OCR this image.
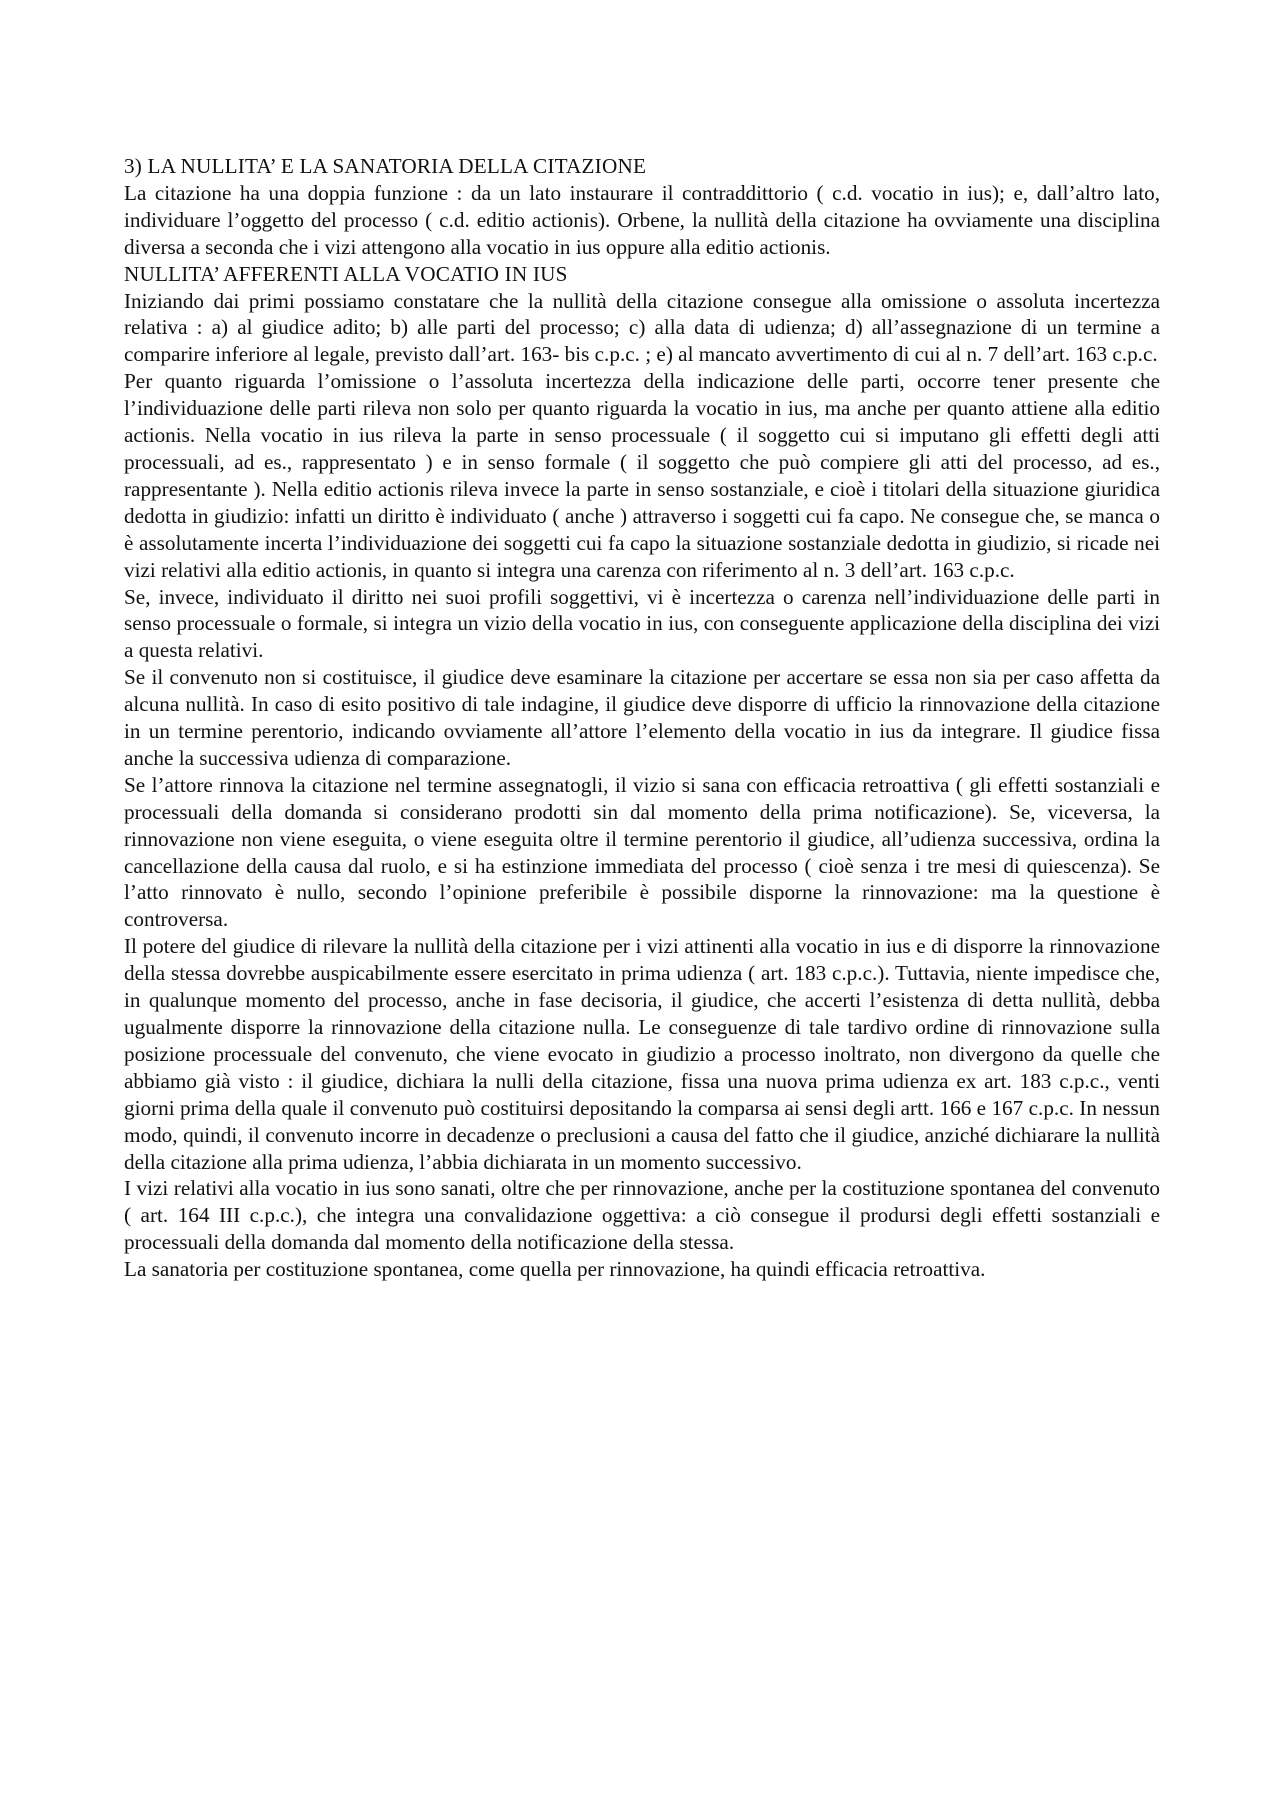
3) LA NULLITA’ E LA SANATORIA DELLA CITAZIONE

La citazione ha una doppia funzione : da un lato instaurare il contraddittorio ( c.d. vocatio in ius); e, dall’altro lato, individuare l’oggetto del processo ( c.d. editio actionis). Orbene, la nullità della citazione ha ovviamente una disciplina diversa a seconda che i vizi attengono alla vocatio in ius oppure alla editio actionis.

NULLITA’ AFFERENTI ALLA VOCATIO IN IUS

Iniziando dai primi possiamo constatare che la nullità della citazione consegue alla omissione o assoluta incertezza relativa : a) al giudice adito; b) alle parti del processo; c) alla data di udienza; d) all’assegnazione di un termine a comparire inferiore al legale, previsto dall’art. 163- bis c.p.c. ; e) al mancato avvertimento di cui al n. 7 dell’art. 163 c.p.c.

Per quanto riguarda l’omissione o l’assoluta incertezza della indicazione delle parti, occorre tener presente che l’individuazione delle parti rileva non solo per quanto riguarda la vocatio in ius, ma anche per quanto attiene alla editio actionis. Nella vocatio in ius rileva la parte in senso processuale ( il soggetto cui si imputano gli effetti degli atti processuali, ad es., rappresentato ) e in senso formale ( il soggetto che può compiere gli atti del processo, ad es., rappresentante ). Nella editio actionis rileva invece la parte in senso sostanziale, e cioè i titolari della situazione giuridica dedotta in giudizio: infatti un diritto è individuato ( anche ) attraverso i soggetti cui fa capo. Ne consegue che, se manca o è assolutamente incerta l’individuazione dei soggetti cui fa capo la situazione sostanziale dedotta in giudizio, si ricade nei vizi relativi alla editio actionis, in quanto si integra una carenza con riferimento al n. 3 dell’art. 163 c.p.c.

Se, invece, individuato il diritto nei suoi profili soggettivi, vi è incertezza o carenza nell’individuazione delle parti in senso processuale o formale, si integra un vizio della vocatio in ius, con conseguente applicazione della disciplina dei vizi a questa relativi.

Se il convenuto non si costituisce, il giudice deve esaminare la citazione per accertare se essa non sia per caso affetta da alcuna nullità. In caso di esito positivo di tale indagine, il giudice deve disporre di ufficio la rinnovazione della citazione in un termine perentorio, indicando ovviamente all’attore l’elemento della vocatio in ius da integrare. Il giudice fissa anche la successiva udienza di comparazione.

Se l’attore rinnova la citazione nel termine assegnatogli, il vizio si sana con efficacia retroattiva ( gli effetti sostanziali e processuali della domanda si considerano prodotti sin dal momento della prima notificazione). Se, viceversa, la rinnovazione non viene eseguita, o viene eseguita oltre il termine perentorio il giudice, all’udienza successiva, ordina la cancellazione della causa dal ruolo, e si ha estinzione immediata del processo ( cioè senza i tre mesi di quiescenza). Se l’atto rinnovato è nullo, secondo l’opinione preferibile è possibile disporne la rinnovazione: ma la questione è controversa.

Il potere del giudice di rilevare la nullità della citazione per i vizi attinenti alla vocatio in ius e di disporre la rinnovazione della stessa dovrebbe auspicabilmente essere esercitato in prima udienza ( art. 183 c.p.c.). Tuttavia, niente impedisce che, in qualunque momento del processo, anche in fase decisoria, il giudice, che accerti l’esistenza di detta nullità, debba ugualmente disporre la rinnovazione della citazione nulla. Le conseguenze di tale tardivo ordine di rinnovazione sulla posizione processuale del convenuto, che viene evocato in giudizio a processo inoltrato, non divergono da quelle che abbiamo già visto : il giudice, dichiara la nulli della citazione, fissa una nuova prima udienza ex art. 183 c.p.c., venti giorni prima della quale il convenuto può costituirsi depositando la comparsa ai sensi degli artt. 166 e 167 c.p.c. In nessun modo, quindi, il convenuto incorre in decadenze o preclusioni a causa del fatto che il giudice, anziché dichiarare la nullità della citazione alla prima udienza, l’abbia dichiarata in un momento successivo.

I vizi relativi alla vocatio in ius sono sanati, oltre che per rinnovazione, anche per la costituzione spontanea del convenuto ( art. 164 III c.p.c.), che integra una convalidazione oggettiva: a ciò consegue il prodursi degli effetti sostanziali e processuali della domanda dal momento della notificazione della stessa.

La sanatoria per costituzione spontanea, come quella per rinnovazione, ha quindi efficacia retroattiva.
